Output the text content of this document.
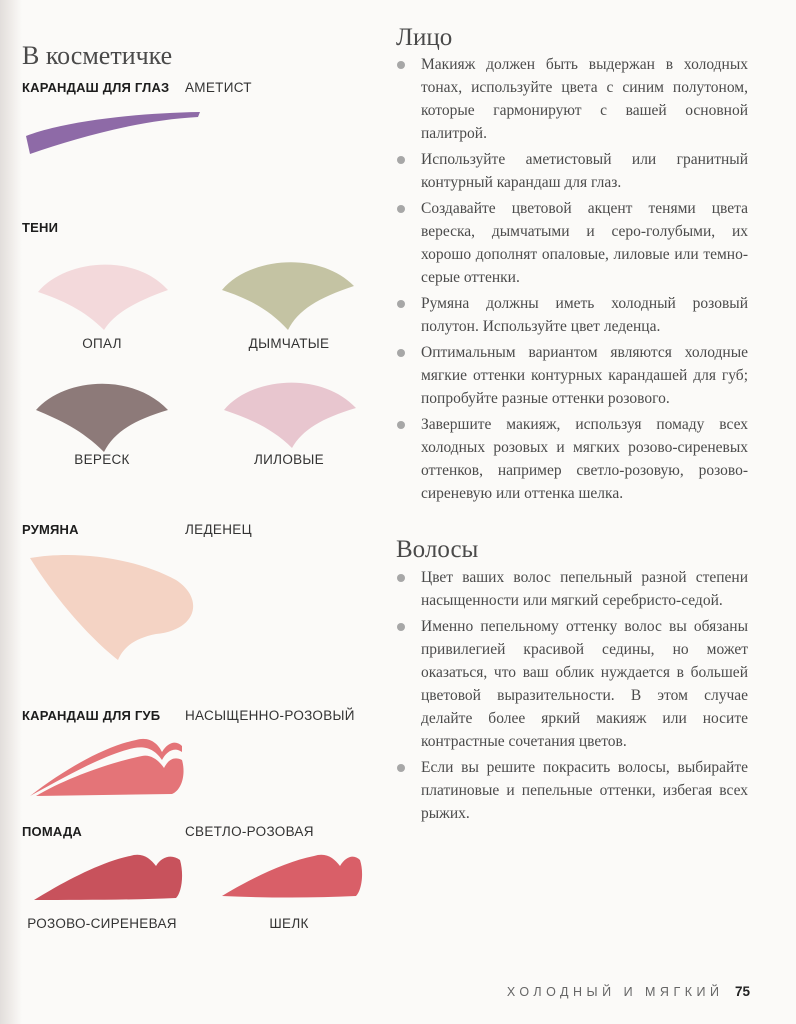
В косметичке
КАРАНДАШ ДЛЯ ГЛАЗ АМЕТИСТ
ТЕНИ
ОПАЛ	ДЫМЧАТЫЕ
ВЕРЕСК	ЛИЛОВЫЕ
РУМЯНА	ЛЕДЕНЕЦ
КАРАНДАШ ДЛЯ ГУБ НАСЫЩЕННО-РОЗОВЫЙ
ПОМАДА	СВЕТЛО-РОЗОВАЯ
РОЗОВО-СИРЕНЕВАЯ	ШЕЛК
Лицо
Макияж должен быть выдержан в холодных тонах, используйте цвета с синим полутоном, которые гармонируют с вашей основной палитрой.
Используйте аметистовый или гранитный контурный карандаш для глаз.
Создавайте цветовой акцент тенями цвета вереска, дымчатыми и серо-голубыми, их хорошо дополнят опаловые, лиловые или темно-серые оттенки.
Румяна должны иметь холодный розовый полутон. Используйте цвет леденца.
Оптимальным вариантом являются холодные мягкие оттенки контурных карандашей для губ; попробуйте разные оттенки розового.
Завершите макияж, используя помаду всех холодных розовых и мягких розово-сиреневых оттенков, например светло-розовую, розово-сиреневую или оттенка шелка.
Волосы
Цвет ваших волос пепельный разной степени насыщенности или мягкий серебристо-седой.
Именно пепельному оттенку волос вы обязаны привилегией красивой седины, но может оказаться, что ваш облик нуждается в большей цветовой выразительности. В этом случае делайте более яркий макияж или носите контрастные сочетания цветов.
Если вы решите покрасить волосы, выбирайте платиновые и пепельные оттенки, избегая всех рыжих.
ХОЛОДНЫЙ И МЯГКИЙ 75
